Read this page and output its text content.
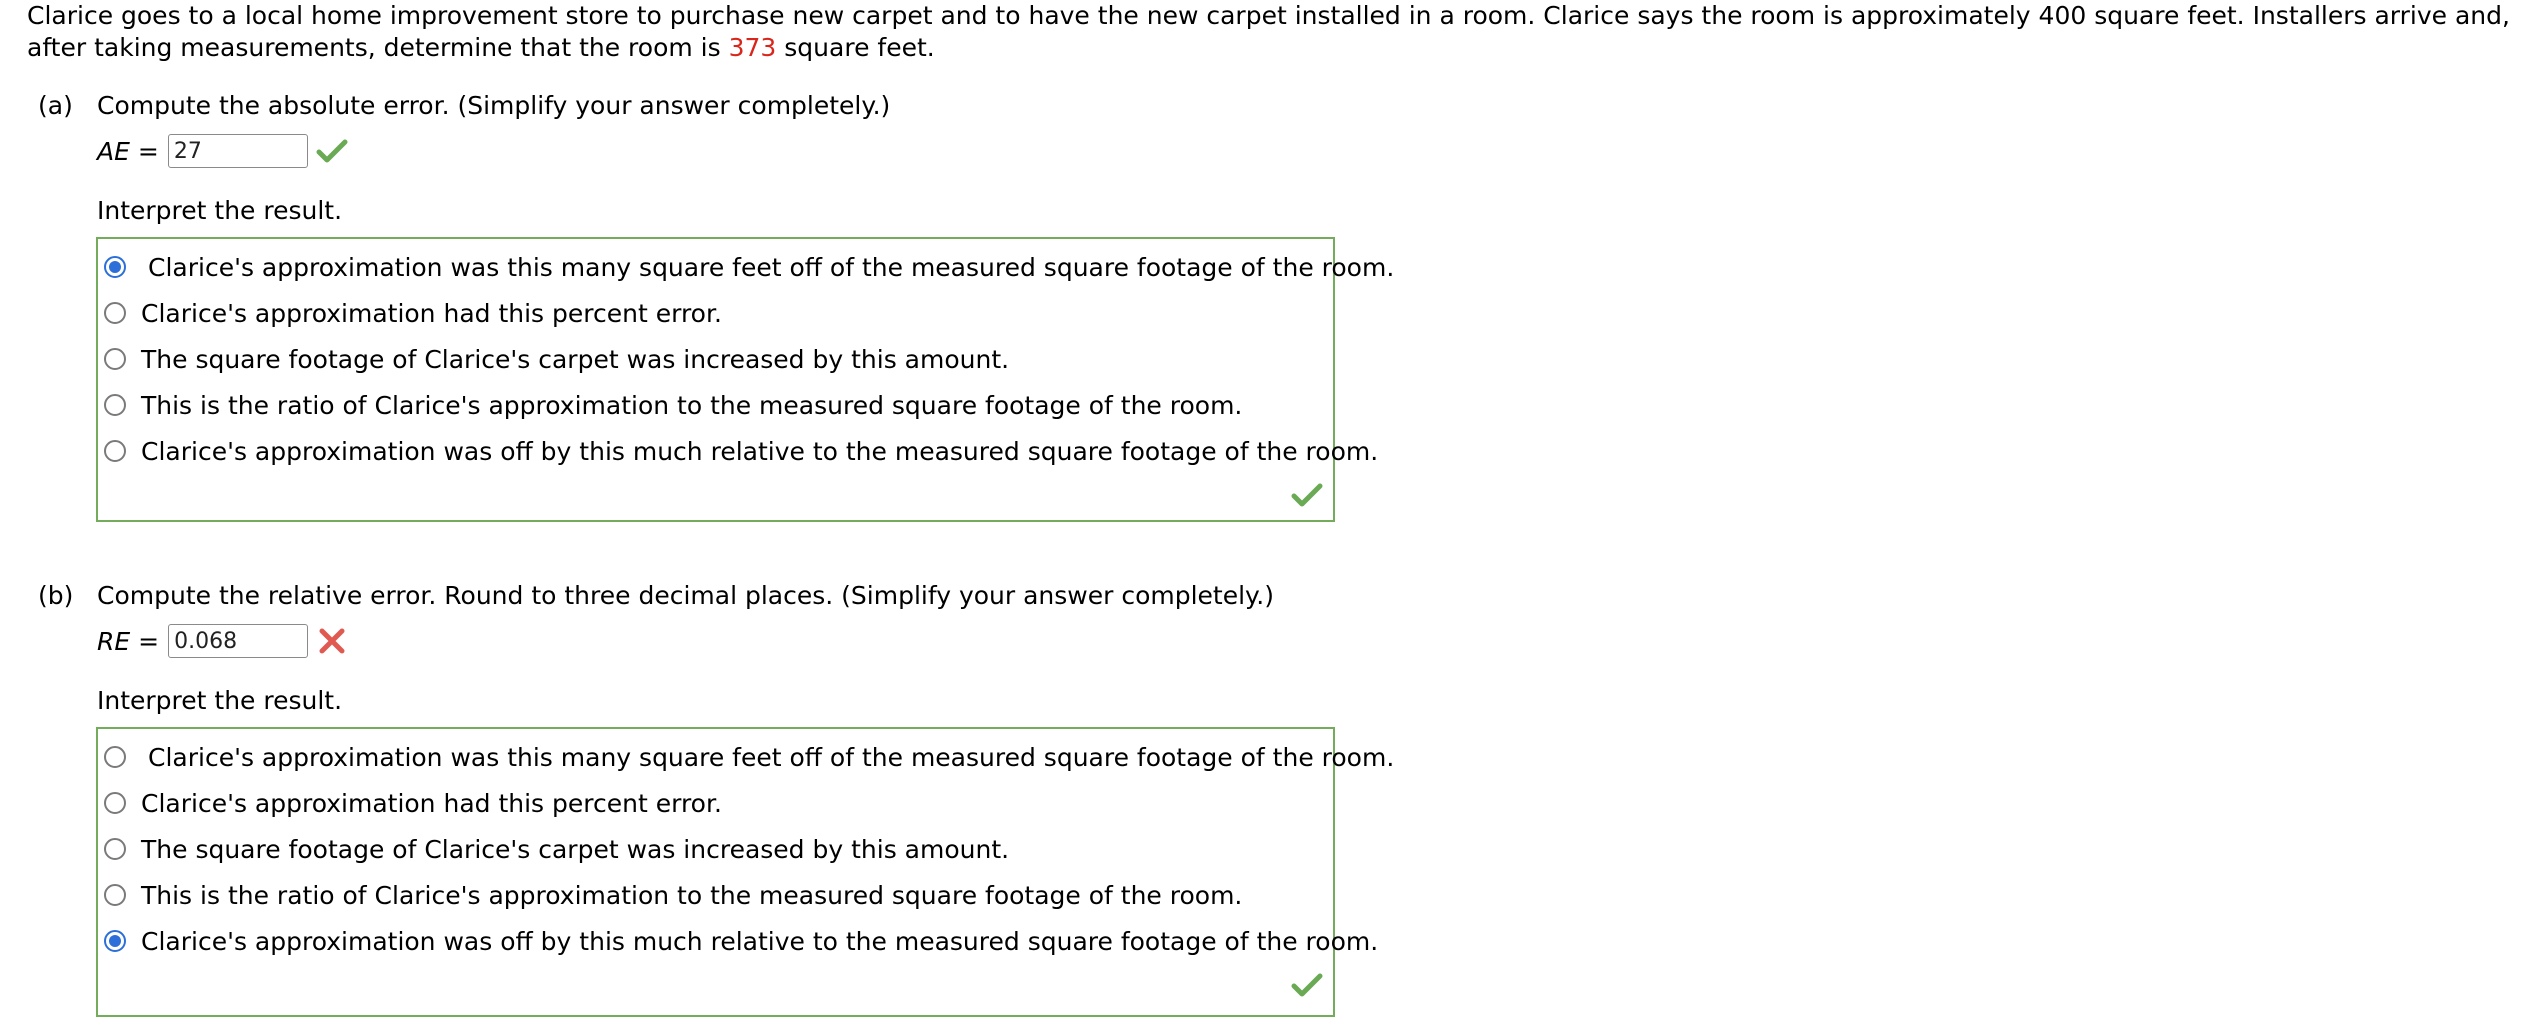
Clarice goes to a local home improvement store to purchase new carpet and to have the new carpet installed in a room. Clarice says the room is approximately 400 square feet. Installers arrive and, after taking measurements, determine that the room is 373 square feet.
(a) Compute the absolute error. (Simplify your answer completely.)
AE =
27
Interpret the result.
Clarice's approximation was this many square feet off of the measured square footage of the room.
Clarice's approximation had this percent error.
The square footage of Clarice's carpet was increased by this amount.
This is the ratio of Clarice's approximation to the measured square footage of the room.
Clarice's approximation was off by this much relative to the measured square footage of the room.
(b) Compute the relative error. Round to three decimal places. (Simplify your answer completely.)
RE =
0.068
Interpret the result.
Clarice's approximation was this many square feet off of the measured square footage of the room.
Clarice's approximation had this percent error.
The square footage of Clarice's carpet was increased by this amount.
This is the ratio of Clarice's approximation to the measured square footage of the room.
Clarice's approximation was off by this much relative to the measured square footage of the room.
